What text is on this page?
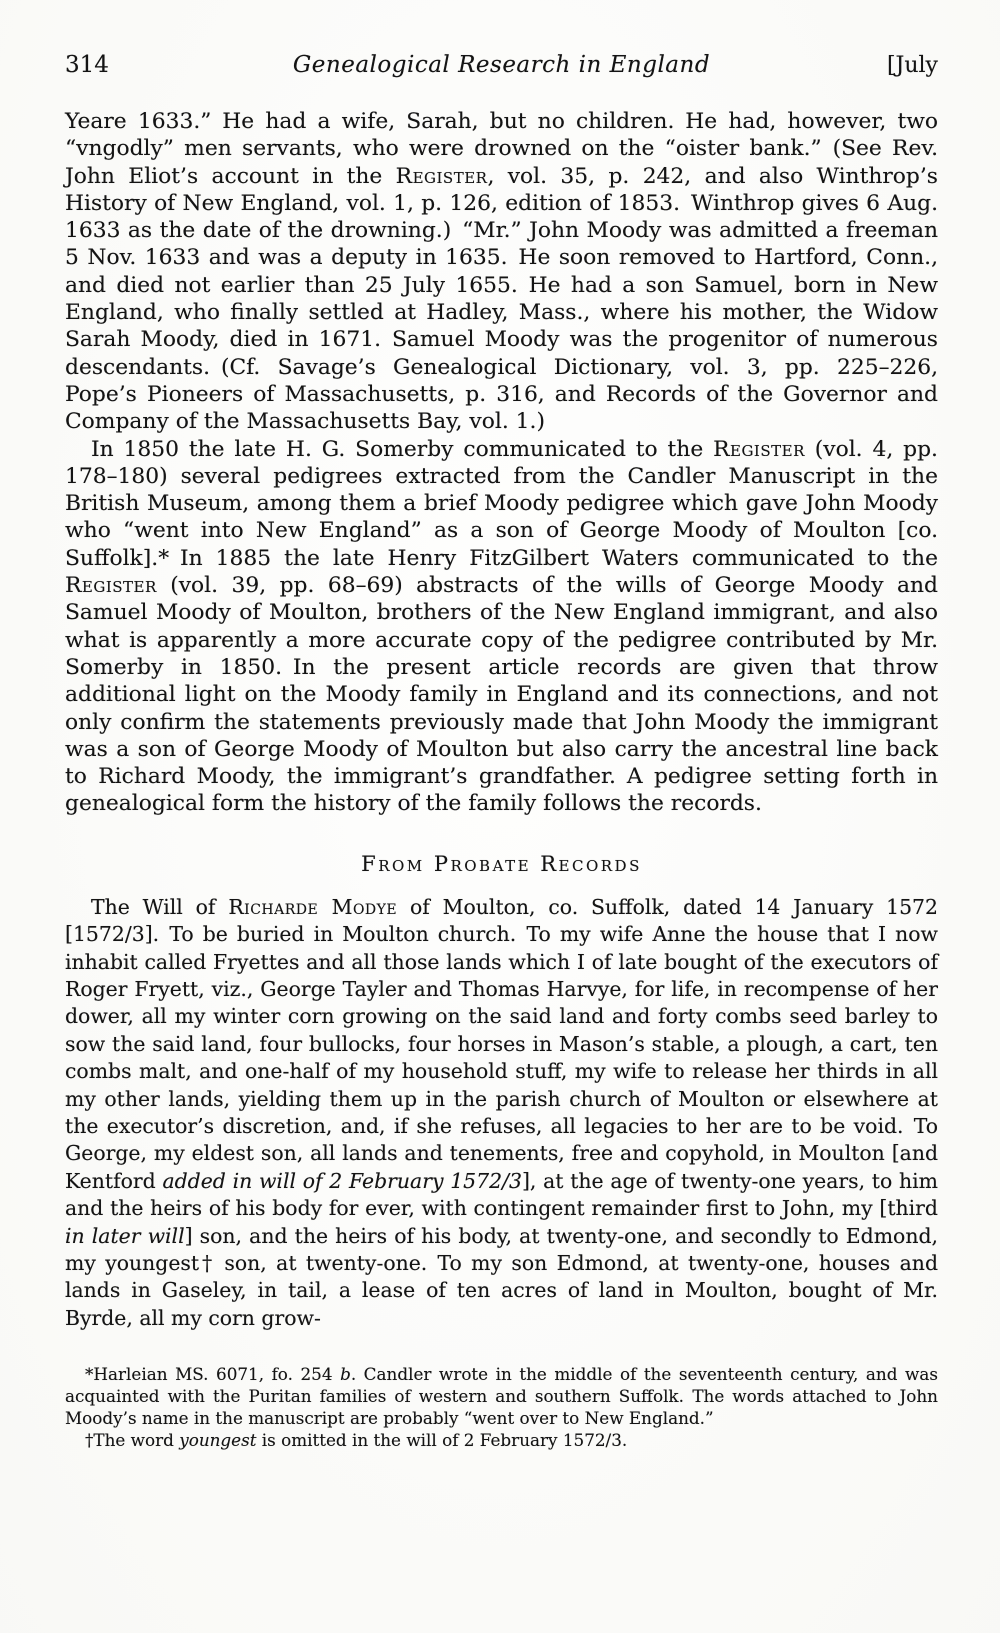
314	Genealogical Research in England	[July

Yeare 1633.” He had a wife, Sarah, but no children. He had, however, two “vngodly” men servants, who were drowned on the “oister bank.” (See Rev. John Eliot’s account in the Register, vol. 35, p. 242, and also Winthrop’s History of New England, vol. 1, p. 126, edition of 1853. Winthrop gives 6 Aug. 1633 as the date of the drowning.) “Mr.” John Moody was admitted a freeman 5 Nov. 1633 and was a deputy in 1635. He soon removed to Hartford, Conn., and died not earlier than 25 July 1655. He had a son Samuel, born in New England, who finally settled at Hadley, Mass., where his mother, the Widow Sarah Moody, died in 1671. Samuel Moody was the progenitor of numerous descendants. (Cf. Savage’s Genealogical Dictionary, vol. 3, pp. 225–226, Pope’s Pioneers of Massachusetts, p. 316, and Records of the Governor and Company of the Massachusetts Bay, vol. 1.)

In 1850 the late H. G. Somerby communicated to the Register (vol. 4, pp. 178–180) several pedigrees extracted from the Candler Manuscript in the British Museum, among them a brief Moody pedigree which gave John Moody who “went into New England” as a son of George Moody of Moulton [co. Suffolk].* In 1885 the late Henry FitzGilbert Waters communicated to the Register (vol. 39, pp. 68–69) abstracts of the wills of George Moody and Samuel Moody of Moulton, brothers of the New England immigrant, and also what is apparently a more accurate copy of the pedigree contributed by Mr. Somerby in 1850. In the present article records are given that throw additional light on the Moody family in England and its connections, and not only confirm the statements previously made that John Moody the immigrant was a son of George Moody of Moulton but also carry the ancestral line back to Richard Moody, the immigrant’s grandfather. A pedigree setting forth in genealogical form the history of the family follows the records.

From Probate Records

The Will of Richarde Modye of Moulton, co. Suffolk, dated 14 January 1572 [1572/3]. To be buried in Moulton church. To my wife Anne the house that I now inhabit called Fryettes and all those lands which I of late bought of the executors of Roger Fryett, viz., George Tayler and Thomas Harvye, for life, in recompense of her dower, all my winter corn growing on the said land and forty combs seed barley to sow the said land, four bullocks, four horses in Mason’s stable, a plough, a cart, ten combs malt, and one-half of my household stuff, my wife to release her thirds in all my other lands, yielding them up in the parish church of Moulton or elsewhere at the executor’s discretion, and, if she refuses, all legacies to her are to be void. To George, my eldest son, all lands and tenements, free and copyhold, in Moulton [and Kentford added in will of 2 February 1572/3], at the age of twenty-one years, to him and the heirs of his body for ever, with contingent remainder first to John, my [third in later will] son, and the heirs of his body, at twenty-one, and secondly to Edmond, my youngest† son, at twenty-one. To my son Edmond, at twenty-one, houses and lands in Gaseley, in tail, a lease of ten acres of land in Moulton, bought of Mr. Byrde, all my corn grow-

*Harleian MS. 6071, fo. 254 b. Candler wrote in the middle of the seventeenth century, and was acquainted with the Puritan families of western and southern Suffolk. The words attached to John Moody’s name in the manuscript are probably “went over to New England.”

†The word youngest is omitted in the will of 2 February 1572/3.
